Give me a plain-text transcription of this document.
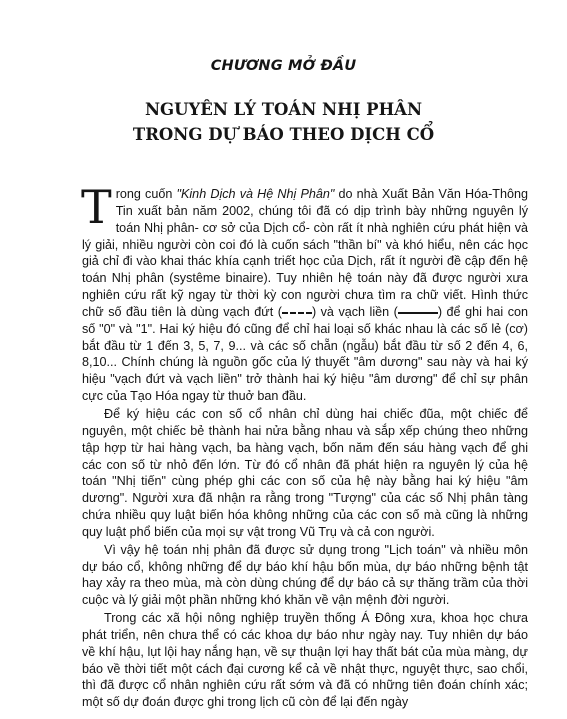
CHƯƠNG MỞ ĐẦU
NGUYÊN LÝ TOÁN NHỊ PHÂN
TRONG DỰ BÁO THEO DỊCH CỔ

Trong cuốn "Kinh Dịch và Hệ Nhị Phân" do nhà Xuất Bản Văn Hóa-Thông Tin xuất bản năm 2002, chúng tôi đã có dịp trình bày những nguyên lý toán Nhị phân- cơ sở của Dịch cổ- còn rất ít nhà nghiên cứu phát hiện và lý giải, nhiều người còn coi đó là cuốn sách "thần bí" và khó hiểu, nên các học giả chỉ đi vào khai thác khía cạnh triết học của Dịch, rất ít người đề cập đến hệ toán Nhị phân (systême binaire). Tuy nhiên hệ toán này đã được người xưa nghiên cứu rất kỹ ngay từ thời kỳ con người chưa tìm ra chữ viết. Hình thức chữ số đầu tiên là dùng vạch đứt ( ) và vạch liền (	) để ghi hai con số "0" và "1". Hai ký hiệu đó cũng để chỉ hai loại số khác nhau là các số lẻ (cơ) bắt đầu từ 1 đến 3, 5, 7, 9... và các số chẵn (ngẫu) bắt đầu từ số 2 đến 4, 6, 8,10... Chính chúng là nguồn gốc của lý thuyết "âm dương" sau này và hai ký hiệu "vạch đứt và vạch liền" trở thành hai ký hiệu "âm dương" để chỉ sự phân cực của Tạo Hóa ngay từ thuở ban đầu.

Để ký hiệu các con số cổ nhân chỉ dùng hai chiếc đũa, một chiếc để nguyên, một chiếc bẻ thành hai nửa bằng nhau và sắp xếp chúng theo những tập hợp từ hai hàng vạch, ba hàng vạch, bốn năm đến sáu hàng vạch để ghi các con số từ nhỏ đến lớn. Từ đó cổ nhân đã phát hiện ra nguyên lý của hệ toán "Nhị tiến" cùng phép ghi các con số của hệ này bằng hai ký hiệu "âm dương". Người xưa đã nhận ra rằng trong "Tượng" của các số Nhị phân tàng chứa nhiều quy luật biến hóa không những của các con số mà cũng là những quy luật phổ biến của mọi sự vật trong Vũ Trụ và cả con người.

Vì vậy hệ toán nhị phân đã được sử dụng trong "Lịch toán" và nhiều môn dự báo cổ, không những để dự báo khí hậu bốn mùa, dự báo những bệnh tật hay xảy ra theo mùa, mà còn dùng chúng để dự báo cả sự thăng trầm của thời cuộc và lý giải một phần những khó khăn về vận mệnh đời người.

Trong các xã hội nông nghiệp truyền thống Á Đông xưa, khoa học chưa phát triển, nên chưa thể có các khoa dự báo như ngày nay. Tuy nhiên dự báo về khí hậu, lụt lội hay nắng hạn, về sự thuận lợi hay thất bát của mùa màng, dự báo về thời tiết một cách đại cương kể cả về nhật thực, nguyệt thực, sao chổi, thì đã được cổ nhân nghiên cứu rất sớm và đã có những tiên đoán chính xác; một số dự đoán được ghi trong lịch cũ còn để lại đến ngày
